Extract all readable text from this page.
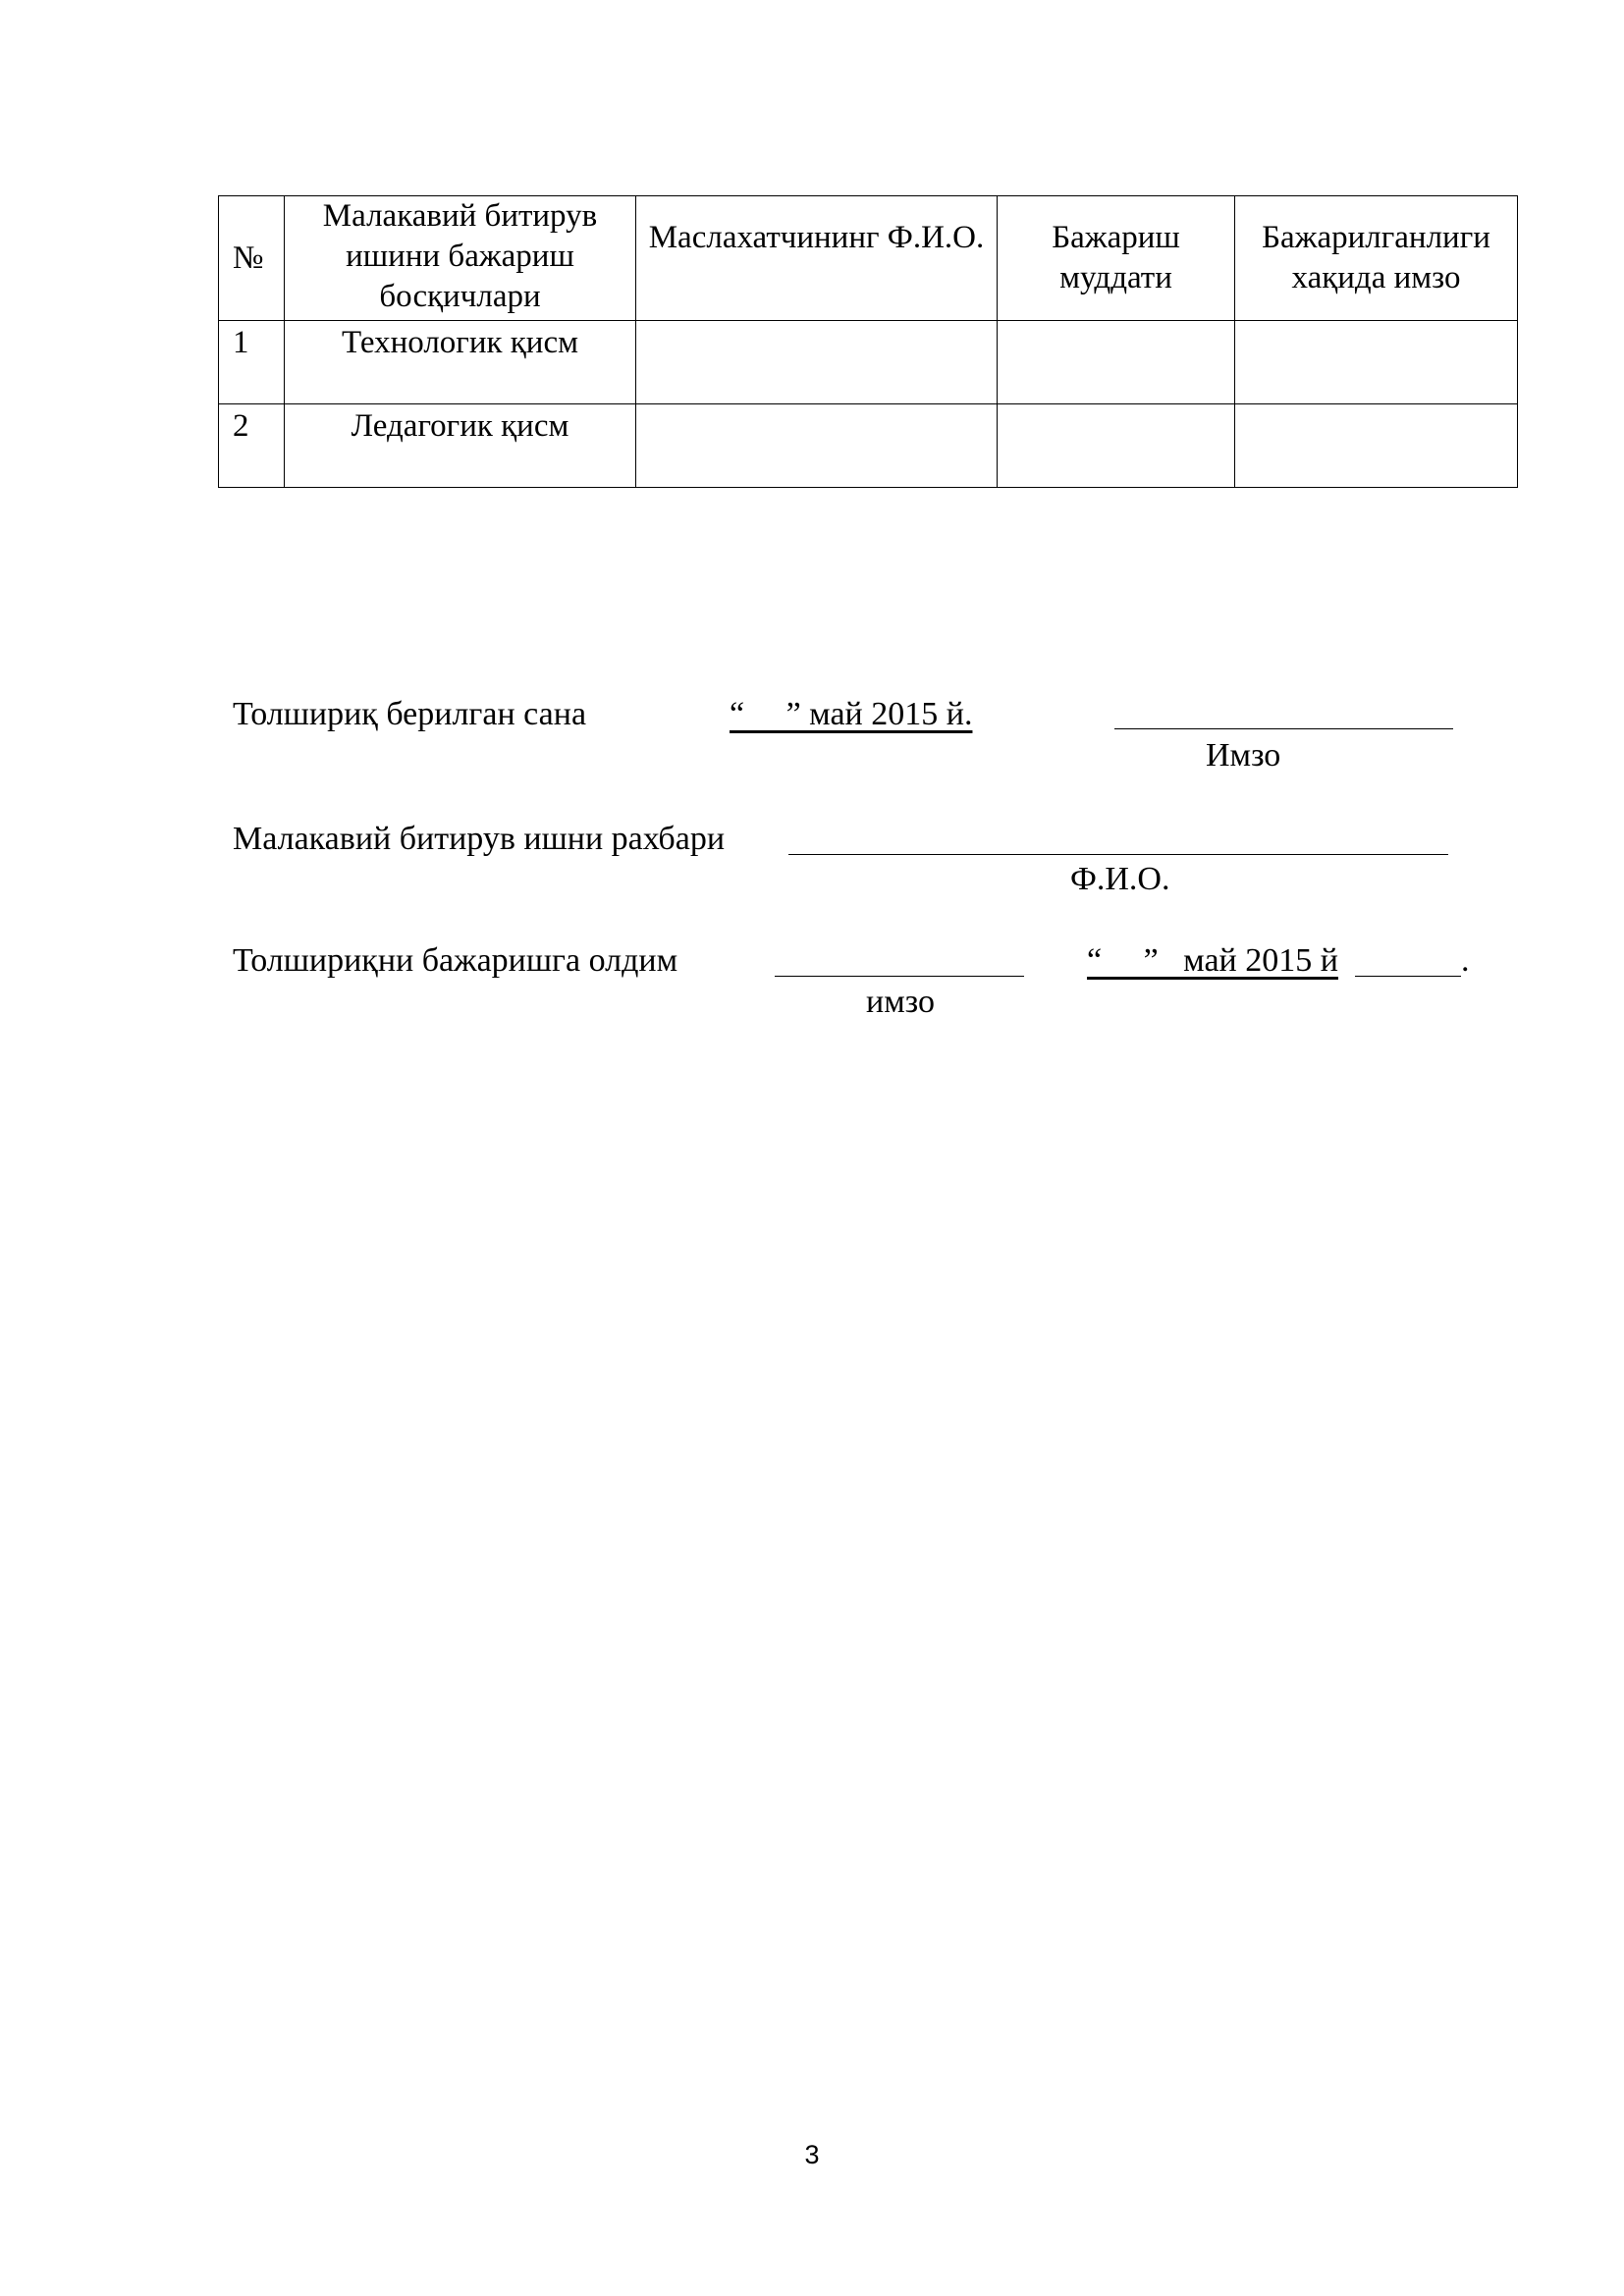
№	Малакавий битирув ишини бажариш босқичлари	Маслахатчининг Ф.И.О.	Бажариш муддати	Бажарилганлиги хақида имзо

1	Технологик қисм			
2	Ледагогик қисм			
Толшириқ берилган сана	“     ” май 2015 й.
Имзо
Малакавий битирув ишни рахбари
Ф.И.О.
Толшириқни бажаришга олдим
имзо
“     ”   май 2015 й	.
3
